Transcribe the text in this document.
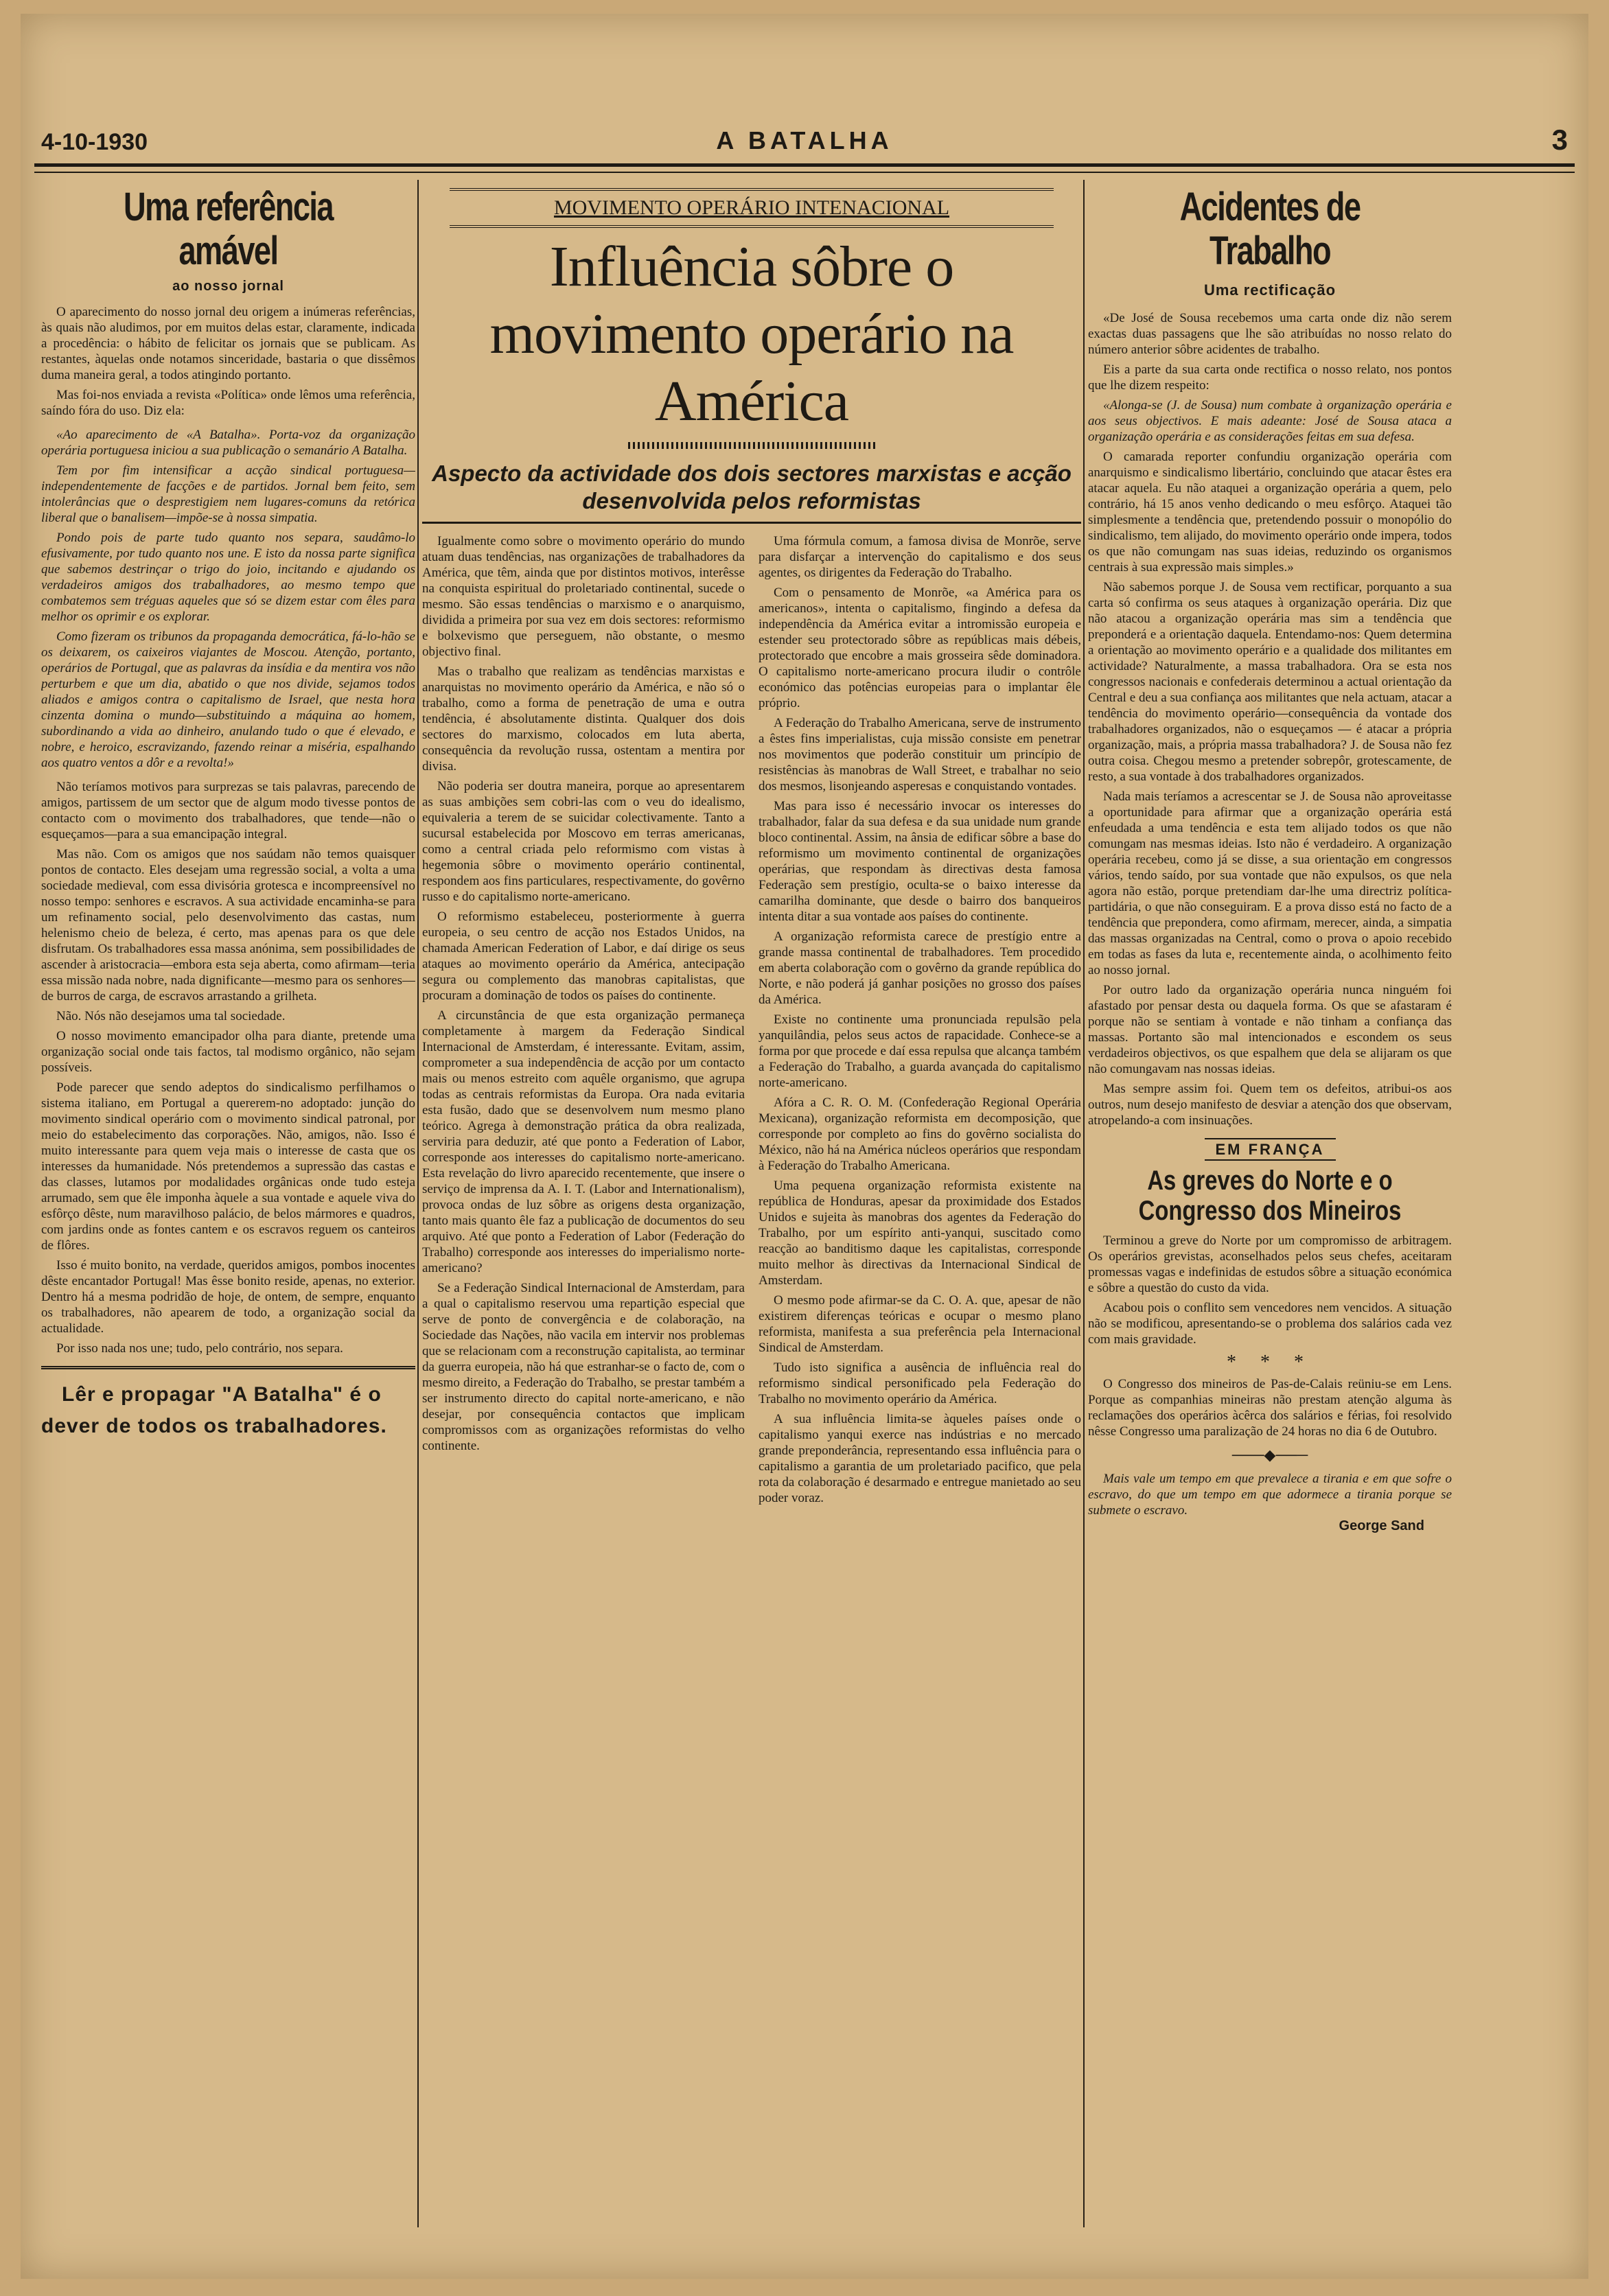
4-10-1930	A BATALHA	3
Uma referência amável
ao nosso jornal

O aparecimento do nosso jornal deu origem a inúmeras referências, às quais não aludimos, por em muitos delas estar, claramente, indicada a procedência: o hábito de felicitar os jornais que se publicam. As restantes, àquelas onde notamos sinceridade, bastaria o que dissêmos duma maneira geral, a todos atingindo portanto.

Mas foi-nos enviada a revista «Política» onde lêmos uma referência, saíndo fóra do uso. Diz ela:

«Ao aparecimento de «A Batalha». Porta-voz da organização operária portuguesa iniciou a sua publicação o semanário A Batalha.

Tem por fim intensificar a acção sindical portuguesa—independentemente de facções e de partidos. Jornal bem feito, sem intolerâncias que o desprestigiem nem lugares-comuns da retórica liberal que o banalisem—impõe-se à nossa simpatia.

Pondo pois de parte tudo quanto nos separa, saudâmo-lo efusivamente, por tudo quanto nos une. E isto da nossa parte significa que sabemos destrinçar o trigo do joio, incitando e ajudando os verdadeiros amigos dos trabalhadores, ao mesmo tempo que combatemos sem tréguas aqueles que só se dizem estar com êles para melhor os oprimir e os explorar.

Como fizeram os tribunos da propaganda democrática, fá-lo-hão se os deixarem, os caixeiros viajantes de Moscou. Atenção, portanto, operários de Portugal, que as palavras da insídia e da mentira vos não perturbem e que um dia, abatido o que nos divide, sejamos todos aliados e amigos contra o capitalismo de Israel, que nesta hora cinzenta domina o mundo—substituindo a máquina ao homem, subordinando a vida ao dinheiro, anulando tudo o que é elevado, e nobre, e heroico, escravizando, fazendo reinar a miséria, espalhando aos quatro ventos a dôr e a revolta!»

Não teríamos motivos para surprezas se tais palavras, parecendo de amigos, partissem de um sector que de algum modo tivesse pontos de contacto com o movimento dos trabalhadores, que tende—não o esqueçamos—para a sua emancipação integral.

Mas não. Com os amigos que nos saúdam não temos quaisquer pontos de contacto. Eles desejam uma regressão social, a volta a uma sociedade medieval, com essa divisória grotesca e incompreensível no nosso tempo: senhores e escravos. A sua actividade encaminha-se para um refinamento social, pelo desenvolvimento das castas, num helenismo cheio de beleza, é certo, mas apenas para os que dele disfrutam. Os trabalhadores essa massa anónima, sem possibilidades de ascender à aristocracia—embora esta seja aberta, como afirmam—teria essa missão nada nobre, nada dignificante—mesmo para os senhores—de burros de carga, de escravos arrastando a grilheta.

Não. Nós não desejamos uma tal sociedade.

O nosso movimento emancipador olha para diante, pretende uma organização social onde tais factos, tal modismo orgânico, não sejam possíveis.

Pode parecer que sendo adeptos do sindicalismo perfilhamos o sistema italiano, em Portugal a quererem-no adoptado: junção do movimento sindical operário com o movimento sindical patronal, por meio do estabelecimento das corporações. Não, amigos, não. Isso é muito interessante para quem veja mais o interesse de casta que os interesses da humanidade. Nós pretendemos a supressão das castas e das classes, lutamos por modalidades orgânicas onde tudo esteja arrumado, sem que êle imponha àquele a sua vontade e aquele viva do esfôrço dêste, num maravilhoso palácio, de belos mármores e quadros, com jardins onde as fontes cantem e os escravos reguem os canteiros de flôres.

Isso é muito bonito, na verdade, queridos amigos, pombos inocentes dêste encantador Portugal! Mas êsse bonito reside, apenas, no exterior. Dentro há a mesma podridão de hoje, de ontem, de sempre, enquanto os trabalhadores, não apearem de todo, a organização social da actualidade.

Por isso nada nos une; tudo, pelo contrário, nos separa.

Lêr e propagar "A Batalha" é o dever de todos os trabalhadores.
MOVIMENTO OPERÁRIO INTENACIONAL
Influência sôbre o movimento operário na América
Aspecto da actividade dos dois sectores marxistas e acção desenvolvida pelos reformistas

Igualmente como sobre o movimento operário do mundo atuam duas tendências, nas organizações de trabalhadores da América, que têm, ainda que por distintos motivos, interêsse na conquista espiritual do proletariado continental, sucede o mesmo. São essas tendências o marxismo e o anarquismo, dividida a primeira por sua vez em dois sectores: reformismo e bolxevismo que perseguem, não obstante, o mesmo objectivo final.

Mas o trabalho que realizam as tendências marxistas e anarquistas no movimento operário da América, e não só o trabalho, como a forma de penetração de uma e outra tendência, é absolutamente distinta. Qualquer dos dois sectores do marxismo, colocados em luta aberta, consequência da revolução russa, ostentam a mentira por divisa.

Não poderia ser doutra maneira, porque ao apresentarem as suas ambições sem cobri-las com o veu do idealismo, equivaleria a terem de se suicidar colectivamente. Tanto a sucursal estabelecida por Moscovo em terras americanas, como a central criada pelo reformismo com vistas à hegemonia sôbre o movimento operário continental, respondem aos fins particulares, respectivamente, do govêrno russo e do capitalismo norte-americano.

O reformismo estabeleceu, posteriormente à guerra europeia, o seu centro de acção nos Estados Unidos, na chamada American Federation of Labor, e daí dirige os seus ataques ao movimento operário da América, antecipação segura ou complemento das manobras capitalistas, que procuram a dominação de todos os países do continente.

A circunstância de que esta organização permaneça completamente à margem da Federação Sindical Internacional de Amsterdam, é interessante. Evitam, assim, comprometer a sua independência de acção por um contacto mais ou menos estreito com aquêle organismo, que agrupa todas as centrais reformistas da Europa. Ora nada evitaria esta fusão, dado que se desenvolvem num mesmo plano teórico. Agrega à demonstração prática da obra realizada, serviria para deduzir, até que ponto a Federation of Labor, corresponde aos interesses do capitalismo norte-americano. Esta revelação do livro aparecido recentemente, que insere o serviço de imprensa da A. I. T. (Labor and Internationalism), provoca ondas de luz sôbre as origens desta organização, tanto mais quanto êle faz a publicação de documentos do seu arquivo. Até que ponto a Federation of Labor (Federação do Trabalho) corresponde aos interesses do imperialismo norte-americano?

Se a Federação Sindical Internacional de Amsterdam, para a qual o capitalismo reservou uma repartição especial que serve de ponto de convergência e de colaboração, na Sociedade das Nações, não vacila em intervir nos problemas que se relacionam com a reconstrução capitalista, ao terminar da guerra europeia, não há que estranhar-se o facto de, com o mesmo direito, a Federação do Trabalho, se prestar também a ser instrumento directo do capital norte-americano, e não desejar, por consequência contactos que implicam compromissos com as organizações reformistas do velho continente.

Uma fórmula comum, a famosa divisa de Monrõe, serve para disfarçar a intervenção do capitalismo e dos seus agentes, os dirigentes da Federação do Trabalho.

Com o pensamento de Monrõe, «a América para os americanos», intenta o capitalismo, fingindo a defesa da independência da América evitar a intromissão europeia e estender seu protectorado sôbre as repúblicas mais débeis, protectorado que encobre a mais grosseira sêde dominadora. O capitalismo norte-americano procura iludir o contrôle económico das potências europeias para o implantar êle próprio.

A Federação do Trabalho Americana, serve de instrumento a êstes fins imperialistas, cuja missão consiste em penetrar nos movimentos que poderão constituir um princípio de resistências às manobras de Wall Street, e trabalhar no seio dos mesmos, lisonjeando asperesas e conquistando vontades.

Mas para isso é necessário invocar os interesses do trabalhador, falar da sua defesa e da sua unidade num grande bloco continental. Assim, na ânsia de edificar sôbre a base do reformismo um movimento continental de organizações operárias, que respondam às directivas desta famosa Federação sem prestígio, oculta-se o baixo interesse da camarilha dominante, que desde o bairro dos banqueiros intenta ditar a sua vontade aos países do continente.

A organização reformista carece de prestígio entre a grande massa continental de trabalhadores. Tem procedido em aberta colaboração com o govêrno da grande república do Norte, e não poderá já ganhar posições no grosso dos países da América.

Existe no continente uma pronunciada repulsão pela yanquilândia, pelos seus actos de rapacidade. Conhece-se a forma por que procede e daí essa repulsa que alcança também a Federação do Trabalho, a guarda avançada do capitalismo norte-americano.

Afóra a C. R. O. M. (Confederação Regional Operária Mexicana), organização reformista em decomposição, que corresponde por completo ao fins do govêrno socialista do México, não há na América núcleos operários que respondam à Federação do Trabalho Americana.

Uma pequena organização reformista existente na república de Honduras, apesar da proximidade dos Estados Unidos e sujeita às manobras dos agentes da Federação do Trabalho, por um espírito anti-yanqui, suscitado como reacção ao banditismo daque les capitalistas, corresponde muito melhor às directivas da Internacional Sindical de Amsterdam.

O mesmo pode afirmar-se da C. O. A. que, apesar de não existirem diferenças teóricas e ocupar o mesmo plano reformista, manifesta a sua preferência pela Internacional Sindical de Amsterdam.

Tudo isto significa a ausência de influência real do reformismo sindical personificado pela Federação do Trabalho no movimento operário da América.

A sua influência limita-se àqueles países onde o capitalismo yanqui exerce nas indústrias e no mercado grande preponderância, representando essa influência para o capitalismo a garantia de um proletariado pacifico, que pela rota da colaboração é desarmado e entregue manietado ao seu poder voraz.

Acidentes de Trabalho
Uma rectificação

«De José de Sousa recebemos uma carta onde diz não serem exactas duas passagens que lhe são atribuídas no nosso relato do número anterior sôbre acidentes de trabalho.

Eis a parte da sua carta onde rectifica o nosso relato, nos pontos que lhe dizem respeito:

«Alonga-se (J. de Sousa) num combate à organização operária e aos seus objectivos. E mais adeante: José de Sousa ataca a organização operária e as considerações feitas em sua defesa.

O camarada reporter confundiu organização operária com anarquismo e sindicalismo libertário, concluindo que atacar êstes era atacar aquela. Eu não ataquei a organização operária a quem, pelo contrário, há 15 anos venho dedicando o meu esfôrço. Ataquei tão simplesmente a tendência que, pretendendo possuir o monopólio do sindicalismo, tem alijado, do movimento operário onde impera, todos os que não comungam nas suas ideias, reduzindo os organismos centrais à sua expressão mais simples.»

Não sabemos porque J. de Sousa vem rectificar, porquanto a sua carta só confirma os seus ataques à organização operária. Diz que não atacou a organização operária mas sim a tendência que preponderá e a orientação daquela. Entendamo-nos: Quem determina a orientação ao movimento operário e a qualidade dos militantes em actividade? Naturalmente, a massa trabalhadora. Ora se esta nos congressos nacionais e confederais determinou a actual orientação da Central e deu a sua confiança aos militantes que nela actuam, atacar a tendência do movimento operário—consequência da vontade dos trabalhadores organizados, não o esqueçamos — é atacar a própria organização, mais, a própria massa trabalhadora? J. de Sousa não fez outra coisa. Chegou mesmo a pretender sobrepôr, grotescamente, de resto, a sua vontade à dos trabalhadores organizados.

Nada mais teríamos a acrescentar se J. de Sousa não aproveitasse a oportunidade para afirmar que a organização operária está enfeudada a uma tendência e esta tem alijado todos os que não comungam nas mesmas ideias. Isto não é verdadeiro. A organização operária recebeu, como já se disse, a sua orientação em congressos vários, tendo saído, por sua vontade que não expulsos, os que nela agora não estão, porque pretendiam dar-lhe uma directriz política-partidária, o que não conseguiram. E a prova disso está no facto de a tendência que prepondera, como afirmam, merecer, ainda, a simpatia das massas organizadas na Central, como o prova o apoio recebido em todas as fases da luta e, recentemente ainda, o acolhimento feito ao nosso jornal.

Por outro lado da organização operária nunca ninguém foi afastado por pensar desta ou daquela forma. Os que se afastaram é porque não se sentiam à vontade e não tinham a confiança das massas. Portanto são mal intencionados e escondem os seus verdadeiros objectivos, os que espalhem que dela se alijaram os que não comungavam nas nossas ideias.

Mas sempre assim foi. Quem tem os defeitos, atribui-os aos outros, num desejo manifesto de desviar a atenção dos que observam, atropelando-a com insinuações.

EM FRANÇA
As greves do Norte e o Congresso dos Mineiros

Terminou a greve do Norte por um compromisso de arbitragem. Os operários grevistas, aconselhados pelos seus chefes, aceitaram promessas vagas e indefinidas de estudos sôbre a situação económica e sôbre a questão do custo da vida.

Acabou pois o conflito sem vencedores nem vencidos. A situação não se modificou, apresentando-se o problema dos salários cada vez com mais gravidade.

* * *

O Congresso dos mineiros de Pas-de-Calais reüniu-se em Lens. Porque as companhias mineiras não prestam atenção alguma às reclamações dos operários àcêrca dos salários e férias, foi resolvido nêsse Congresso uma paralização de 24 horas no dia 6 de Outubro.

───◆───
Mais vale um tempo em que prevalece a tirania e em que sofre o escravo, do que um tempo em que adormece a tirania porque se submete o escravo.
George Sand
